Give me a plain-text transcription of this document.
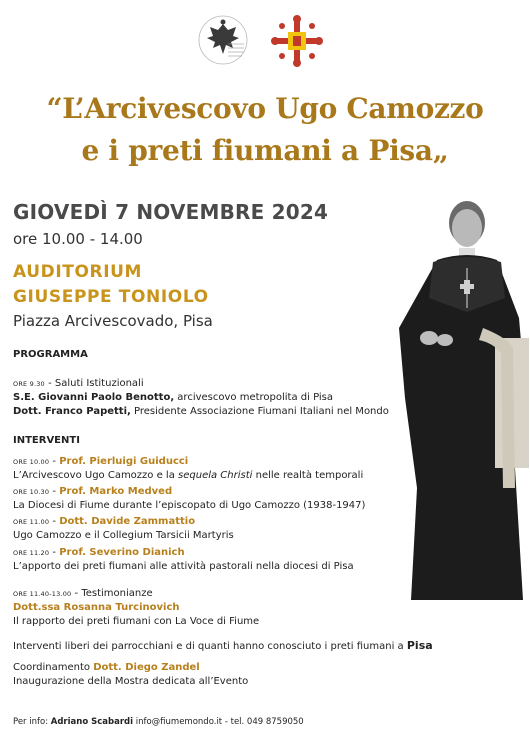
“L’Arcivescovo Ugo Camozzo
e i preti fiumani a Pisa„
GIOVEDÌ 7 NOVEMBRE 2024
ore 10.00 - 14.00
AUDITORIUM
GIUSEPPE TONIOLO
Piazza Arcivescovado, Pisa
PROGRAMMA
ORE 9.30 - Saluti Istituzionali
S.E. Giovanni Paolo Benotto, arcivescovo metropolita di Pisa
Dott. Franco Papetti, Presidente Associazione Fiumani Italiani nel Mondo
INTERVENTI
ORE 10.00 - Prof. Pierluigi Guiducci
L’Arcivescovo Ugo Camozzo e la sequela Christi nelle realtà temporali
ORE 10.30 - Prof. Marko Medved
La Diocesi di Fiume durante l’episcopato di Ugo Camozzo (1938-1947)
ORE 11.00 - Dott. Davide Zammattio
Ugo Camozzo e il Collegium Tarsicii Martyris
ORE 11.20 - Prof. Severino Dianich
L’apporto dei preti fiumani alle attività pastorali nella diocesi di Pisa
ORE 11.40-13.00 - Testimonianze
Dott.ssa Rosanna Turcinovich
Il rapporto dei preti fiumani con La Voce di Fiume
Interventi liberi dei parrocchiani e di quanti hanno conosciuto i preti fiumani a Pisa
Coordinamento Dott. Diego Zandel
Inaugurazione della Mostra dedicata all’Evento
Per info: Adriano Scabardi info@fiumemondo.it - tel. 049 8759050
